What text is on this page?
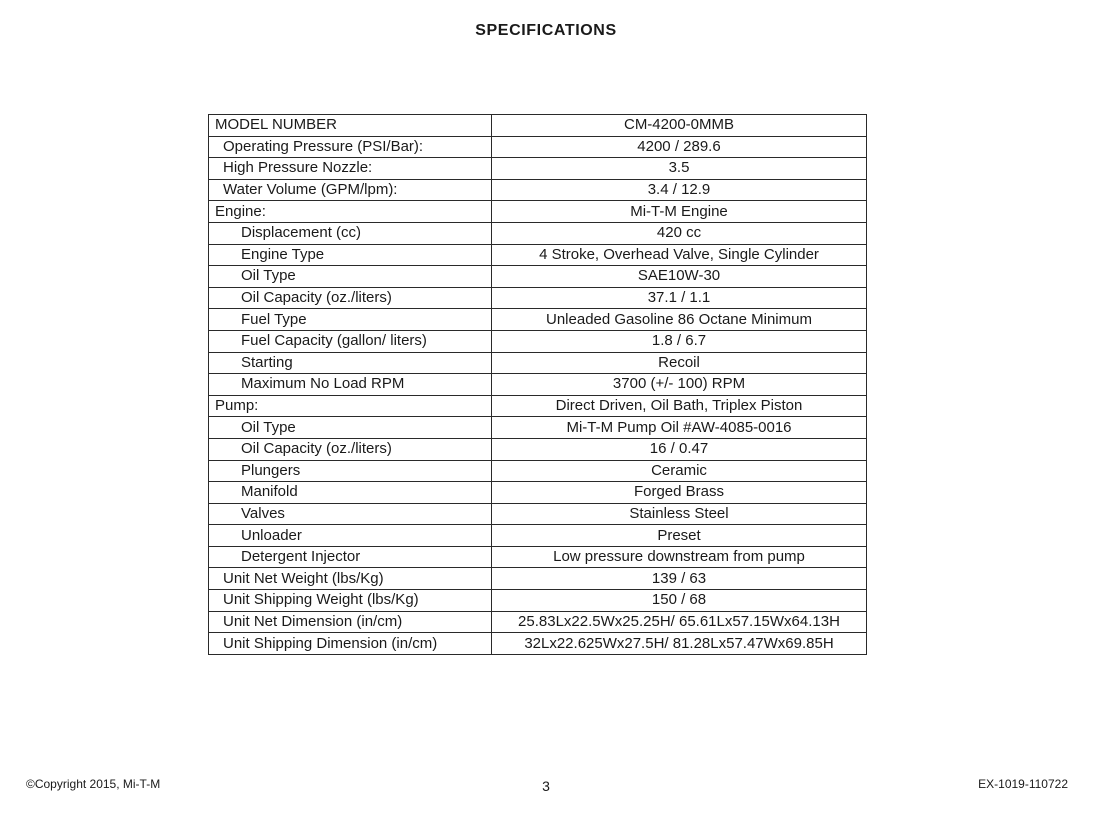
SPECIFICATIONS
MODEL NUMBER	CM-4200-0MMB
Operating Pressure (PSI/Bar):	4200 / 289.6
High Pressure Nozzle:	3.5
Water Volume (GPM/lpm):	3.4 / 12.9
Engine:	Mi-T-M Engine
Displacement (cc)	420 cc
Engine Type	4 Stroke, Overhead Valve, Single Cylinder
Oil Type	SAE10W-30
Oil Capacity (oz./liters)	37.1 / 1.1
Fuel Type	Unleaded Gasoline 86 Octane Minimum
Fuel Capacity (gallon/ liters)	1.8 / 6.7
Starting	Recoil
Maximum No Load RPM	3700 (+/- 100) RPM
Pump:	Direct Driven, Oil Bath, Triplex Piston
Oil Type	Mi-T-M Pump Oil #AW-4085-0016
Oil Capacity (oz./liters)	16 / 0.47
Plungers	Ceramic
Manifold	Forged Brass
Valves	Stainless Steel
Unloader	Preset
Detergent Injector	Low pressure downstream from pump
Unit Net Weight (lbs/Kg)	139 / 63
Unit Shipping Weight (lbs/Kg)	150 / 68
Unit Net Dimension (in/cm)	25.83Lx22.5Wx25.25H/ 65.61Lx57.15Wx64.13H
Unit Shipping Dimension (in/cm)	32Lx22.625Wx27.5H/ 81.28Lx57.47Wx69.85H
©Copyright 2015, Mi-T-M	3	EX-1019-110722
